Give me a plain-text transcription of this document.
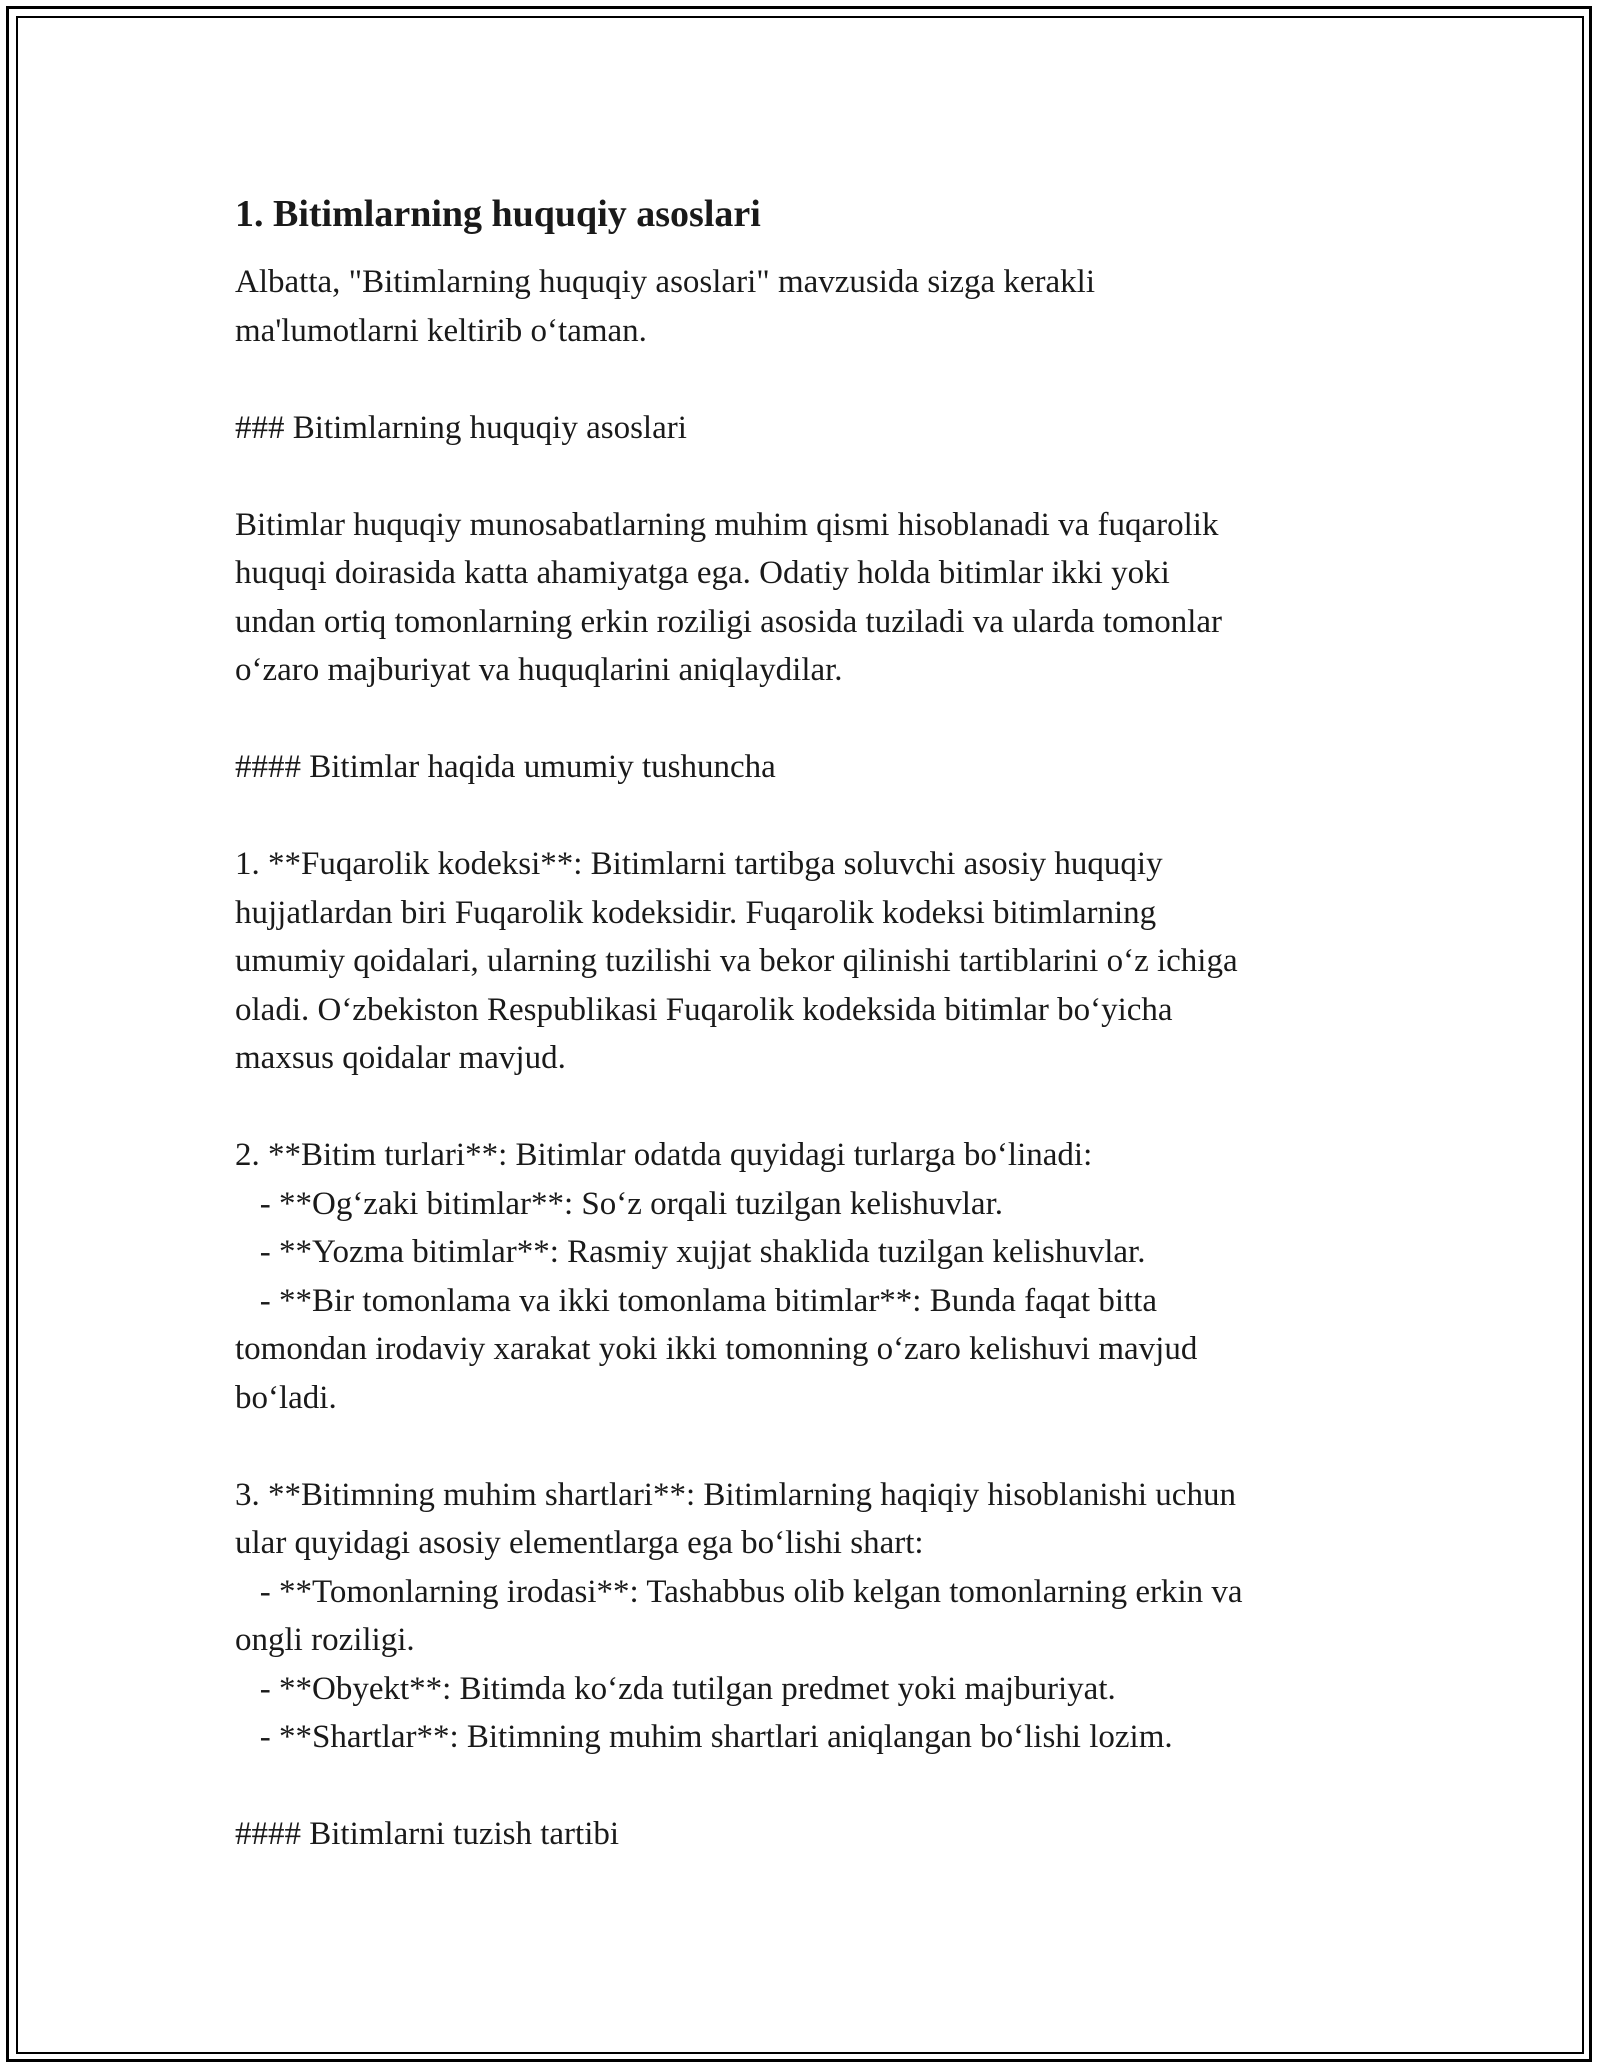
1. Bitimlarning huquqiy asoslari

Albatta, "Bitimlarning huquqiy asoslari" mavzusida sizga kerakli
ma'lumotlarni keltirib o‘taman.

### Bitimlarning huquqiy asoslari

Bitimlar huquqiy munosabatlarning muhim qismi hisoblanadi va fuqarolik
huquqi doirasida katta ahamiyatga ega. Odatiy holda bitimlar ikki yoki
undan ortiq tomonlarning erkin roziligi asosida tuziladi va ularda tomonlar
o‘zaro majburiyat va huquqlarini aniqlaydilar.

#### Bitimlar haqida umumiy tushuncha

1. **Fuqarolik kodeksi**: Bitimlarni tartibga soluvchi asosiy huquqiy
hujjatlardan biri Fuqarolik kodeksidir. Fuqarolik kodeksi bitimlarning
umumiy qoidalari, ularning tuzilishi va bekor qilinishi tartiblarini o‘z ichiga
oladi. O‘zbekiston Respublikasi Fuqarolik kodeksida bitimlar bo‘yicha
maxsus qoidalar mavjud.

2. **Bitim turlari**: Bitimlar odatda quyidagi turlarga bo‘linadi:
- **Og‘zaki bitimlar**: So‘z orqali tuzilgan kelishuvlar.
- **Yozma bitimlar**: Rasmiy xujjat shaklida tuzilgan kelishuvlar.
- **Bir tomonlama va ikki tomonlama bitimlar**: Bunda faqat bitta
tomondan irodaviy xarakat yoki ikki tomonning o‘zaro kelishuvi mavjud
bo‘ladi.

3. **Bitimning muhim shartlari**: Bitimlarning haqiqiy hisoblanishi uchun
ular quyidagi asosiy elementlarga ega bo‘lishi shart:
- **Tomonlarning irodasi**: Tashabbus olib kelgan tomonlarning erkin va
ongli roziligi.
- **Obyekt**: Bitimda ko‘zda tutilgan predmet yoki majburiyat.
- **Shartlar**: Bitimning muhim shartlari aniqlangan bo‘lishi lozim.

#### Bitimlarni tuzish tartibi
